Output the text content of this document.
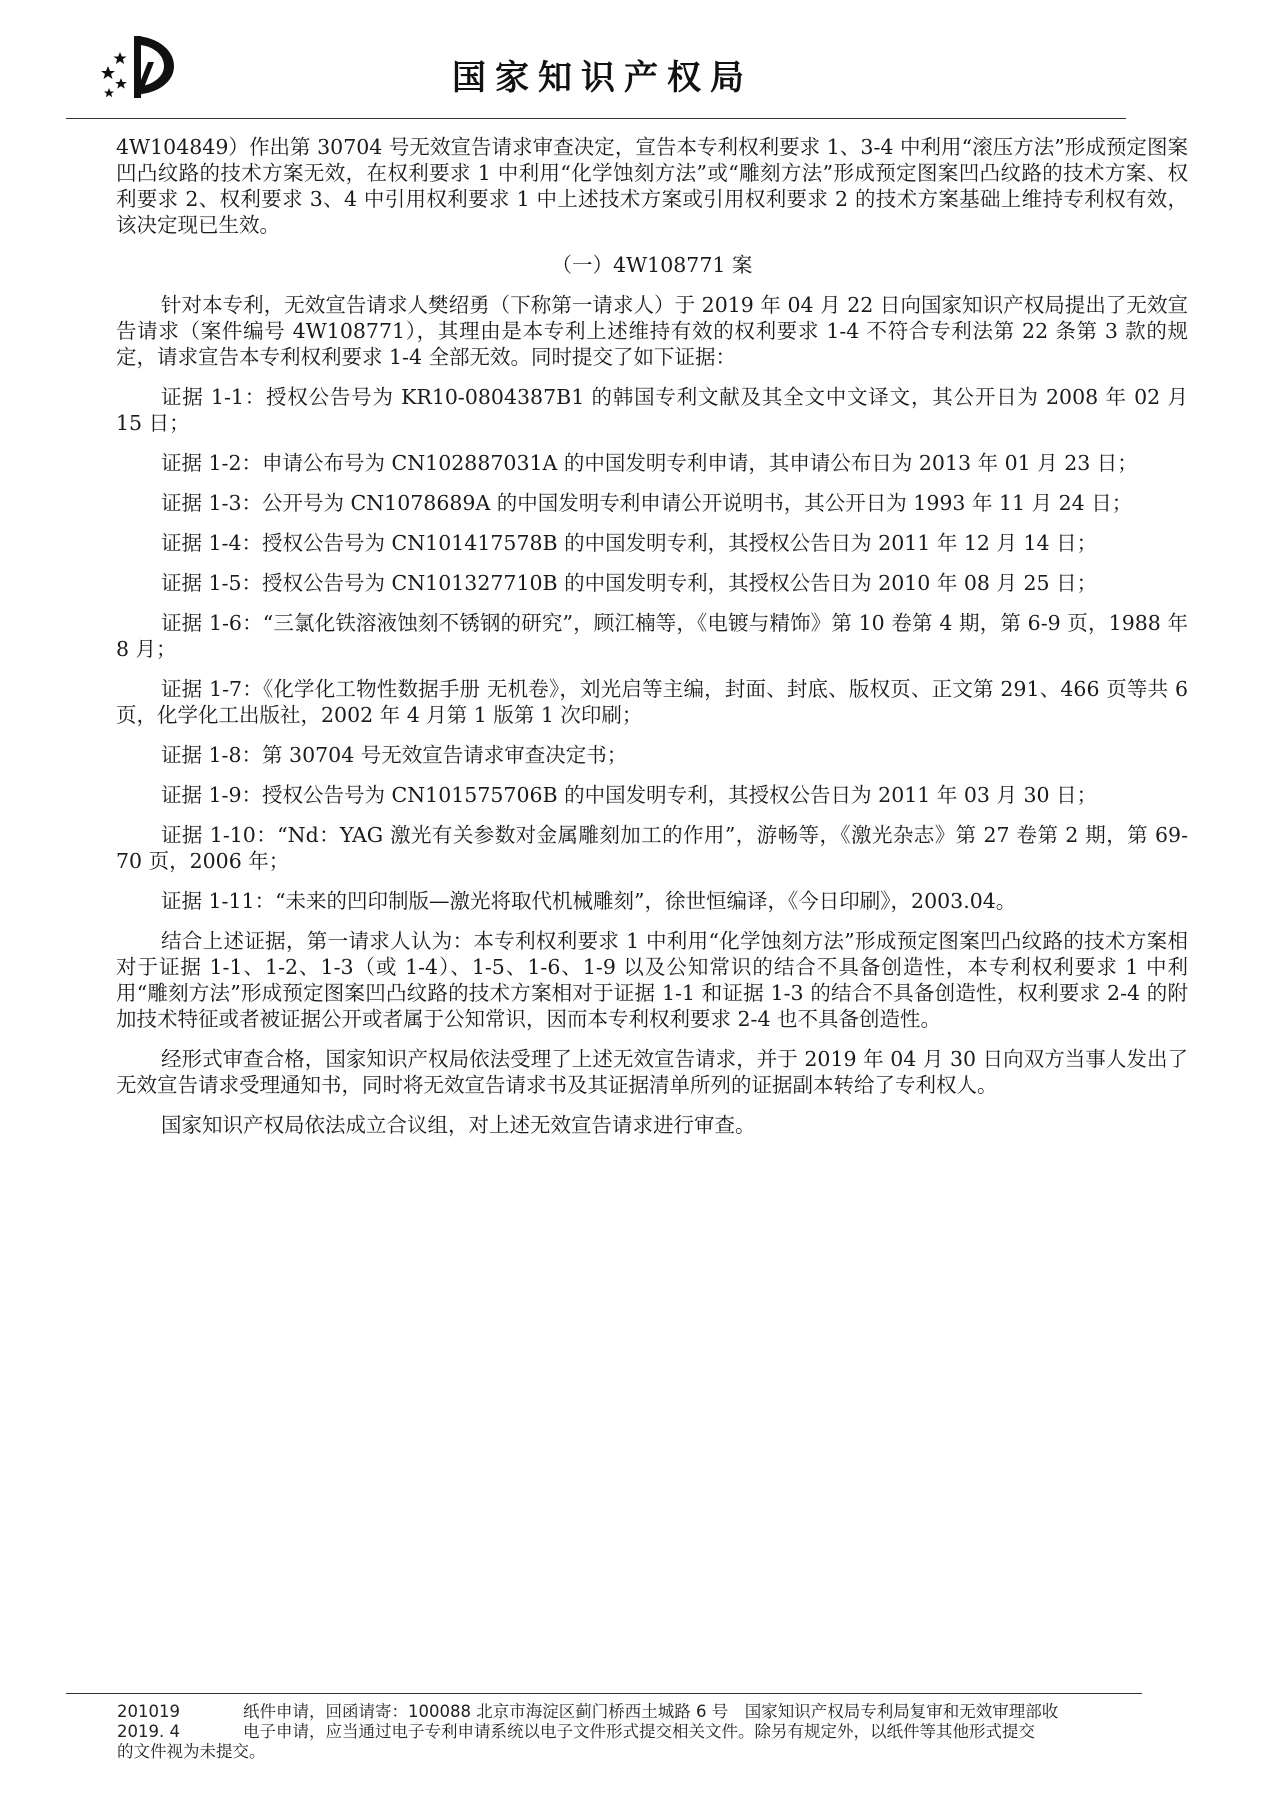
国家知识产权局

4W104849）作出第 30704 号无效宣告请求审查决定，宣告本专利权利要求 1、3-4 中利用“滚压方法”形成预定图案凹凸纹路的技术方案无效，在权利要求 1 中利用“化学蚀刻方法”或“雕刻方法”形成预定图案凹凸纹路的技术方案、权利要求 2、权利要求 3、4 中引用权利要求 1 中上述技术方案或引用权利要求 2 的技术方案基础上维持专利权有效，该决定现已生效。

（一）4W108771 案

针对本专利，无效宣告请求人樊绍勇（下称第一请求人）于 2019 年 04 月 22 日向国家知识产权局提出了无效宣告请求（案件编号 4W108771），其理由是本专利上述维持有效的权利要求 1-4 不符合专利法第 22 条第 3 款的规定，请求宣告本专利权利要求 1-4 全部无效。同时提交了如下证据：

证据 1-1：授权公告号为 KR10-0804387B1 的韩国专利文献及其全文中文译文，其公开日为 2008 年 02 月 15 日；

证据 1-2：申请公布号为 CN102887031A 的中国发明专利申请，其申请公布日为 2013 年 01 月 23 日；

证据 1-3：公开号为 CN1078689A 的中国发明专利申请公开说明书，其公开日为 1993 年 11 月 24 日；

证据 1-4：授权公告号为 CN101417578B 的中国发明专利，其授权公告日为 2011 年 12 月 14 日；

证据 1-5：授权公告号为 CN101327710B 的中国发明专利，其授权公告日为 2010 年 08 月 25 日；

证据 1-6：“三氯化铁溶液蚀刻不锈钢的研究”，顾江楠等，《电镀与精饰》第 10 卷第 4 期，第 6-9 页，1988 年 8 月；

证据 1-7：《化学化工物性数据手册 无机卷》，刘光启等主编，封面、封底、版权页、正文第 291、466 页等共 6 页，化学化工出版社，2002 年 4 月第 1 版第 1 次印刷；

证据 1-8：第 30704 号无效宣告请求审查决定书；

证据 1-9：授权公告号为 CN101575706B 的中国发明专利，其授权公告日为 2011 年 03 月 30 日；

证据 1-10：“Nd：YAG 激光有关参数对金属雕刻加工的作用”，游畅等，《激光杂志》第 27 卷第 2 期，第 69-70 页，2006 年；

证据 1-11：“未来的凹印制版—激光将取代机械雕刻”，徐世恒编译，《今日印刷》，2003.04。

结合上述证据，第一请求人认为：本专利权利要求 1 中利用“化学蚀刻方法”形成预定图案凹凸纹路的技术方案相对于证据 1-1、1-2、1-3（或 1-4）、1-5、1-6、1-9 以及公知常识的结合不具备创造性，本专利权利要求 1 中利用“雕刻方法”形成预定图案凹凸纹路的技术方案相对于证据 1-1 和证据 1-3 的结合不具备创造性，权利要求 2-4 的附加技术特征或者被证据公开或者属于公知常识，因而本专利权利要求 2-4 也不具备创造性。

经形式审查合格，国家知识产权局依法受理了上述无效宣告请求，并于 2019 年 04 月 30 日向双方当事人发出了无效宣告请求受理通知书，同时将无效宣告请求书及其证据清单所列的证据副本转给了专利权人。

国家知识产权局依法成立合议组，对上述无效宣告请求进行审查。

201019	纸件申请，回函请寄：100088 北京市海淀区蓟门桥西土城路 6 号　国家知识产权局专利局复审和无效审理部收
2019. 4	电子申请，应当通过电子专利申请系统以电子文件形式提交相关文件。除另有规定外，以纸件等其他形式提交
的文件视为未提交。
